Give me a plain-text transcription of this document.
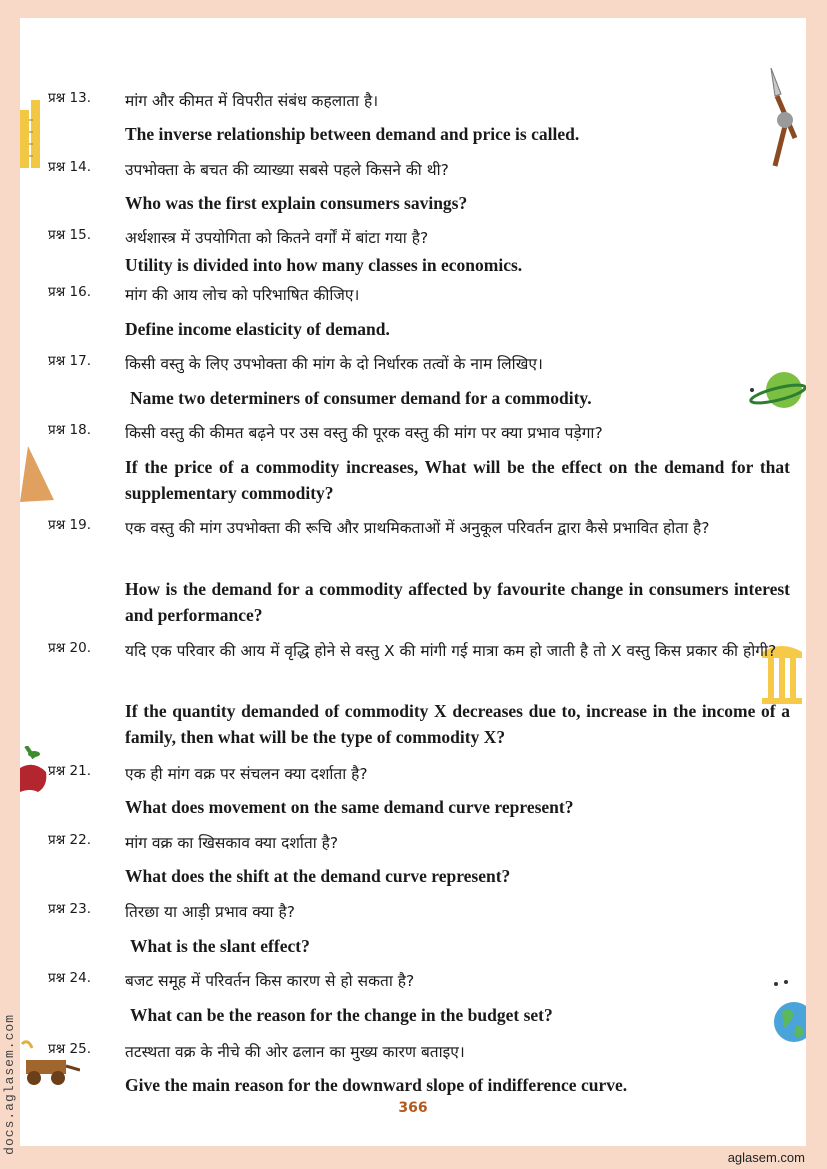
प्रश्न 13. मांग और कीमत में विपरीत संबंध कहलाता है।
The inverse relationship between demand and price is called.
प्रश्न 14. उपभोक्ता के बचत की व्याख्या सबसे पहले किसने की थी?
Who was the first explain consumers savings?
प्रश्न 15. अर्थशास्त्र में उपयोगिता को कितने वर्गों में बांटा गया है?
Utility is divided into how many classes in economics.
प्रश्न 16. मांग की आय लोच को परिभाषित कीजिए।
Define income elasticity of demand.
प्रश्न 17. किसी वस्तु के लिए उपभोक्ता की मांग के दो निर्धारक तत्वों के नाम लिखिए।
Name two determiners of consumer demand for a commodity.
प्रश्न 18. किसी वस्तु की कीमत बढ़ने पर उस वस्तु की पूरक वस्तु की मांग पर क्या प्रभाव पड़ेगा?
If the price of a commodity increases, What will be the effect on the demand for that supplementary commodity?
प्रश्न 19. एक वस्तु की मांग उपभोक्ता की रूचि और प्राथमिकताओं में अनुकूल परिवर्तन द्वारा कैसे प्रभावित होता है?
How is the demand for a commodity affected by favourite change in consumers interest and performance?
प्रश्न 20. यदि एक परिवार की आय में वृद्धि होने से वस्तु X की मांगी गई मात्रा कम हो जाती है तो X वस्तु किस प्रकार की होगी?
If the quantity demanded of commodity X decreases due to, increase in the income of a family, then what will be the type of commodity X?
प्रश्न 21. एक ही मांग वक्र पर संचलन क्या दर्शाता है?
What does movement on the same demand curve represent?
प्रश्न 22. मांग वक्र का खिसकाव क्या दर्शाता है?
What does the shift at the demand curve represent?
प्रश्न 23. तिरछा या आड़ी प्रभाव क्या है?
What is the slant effect?
प्रश्न 24. बजट समूह में परिवर्तन किस कारण से हो सकता है?
What can be the reason for the change in the budget set?
प्रश्न 25. तटस्थता वक्र के नीचे की ओर ढलान का मुख्य कारण बताइए।
Give the main reason for the downward slope of indifference curve.
366
docs.aglasem.com
aglasem.com
